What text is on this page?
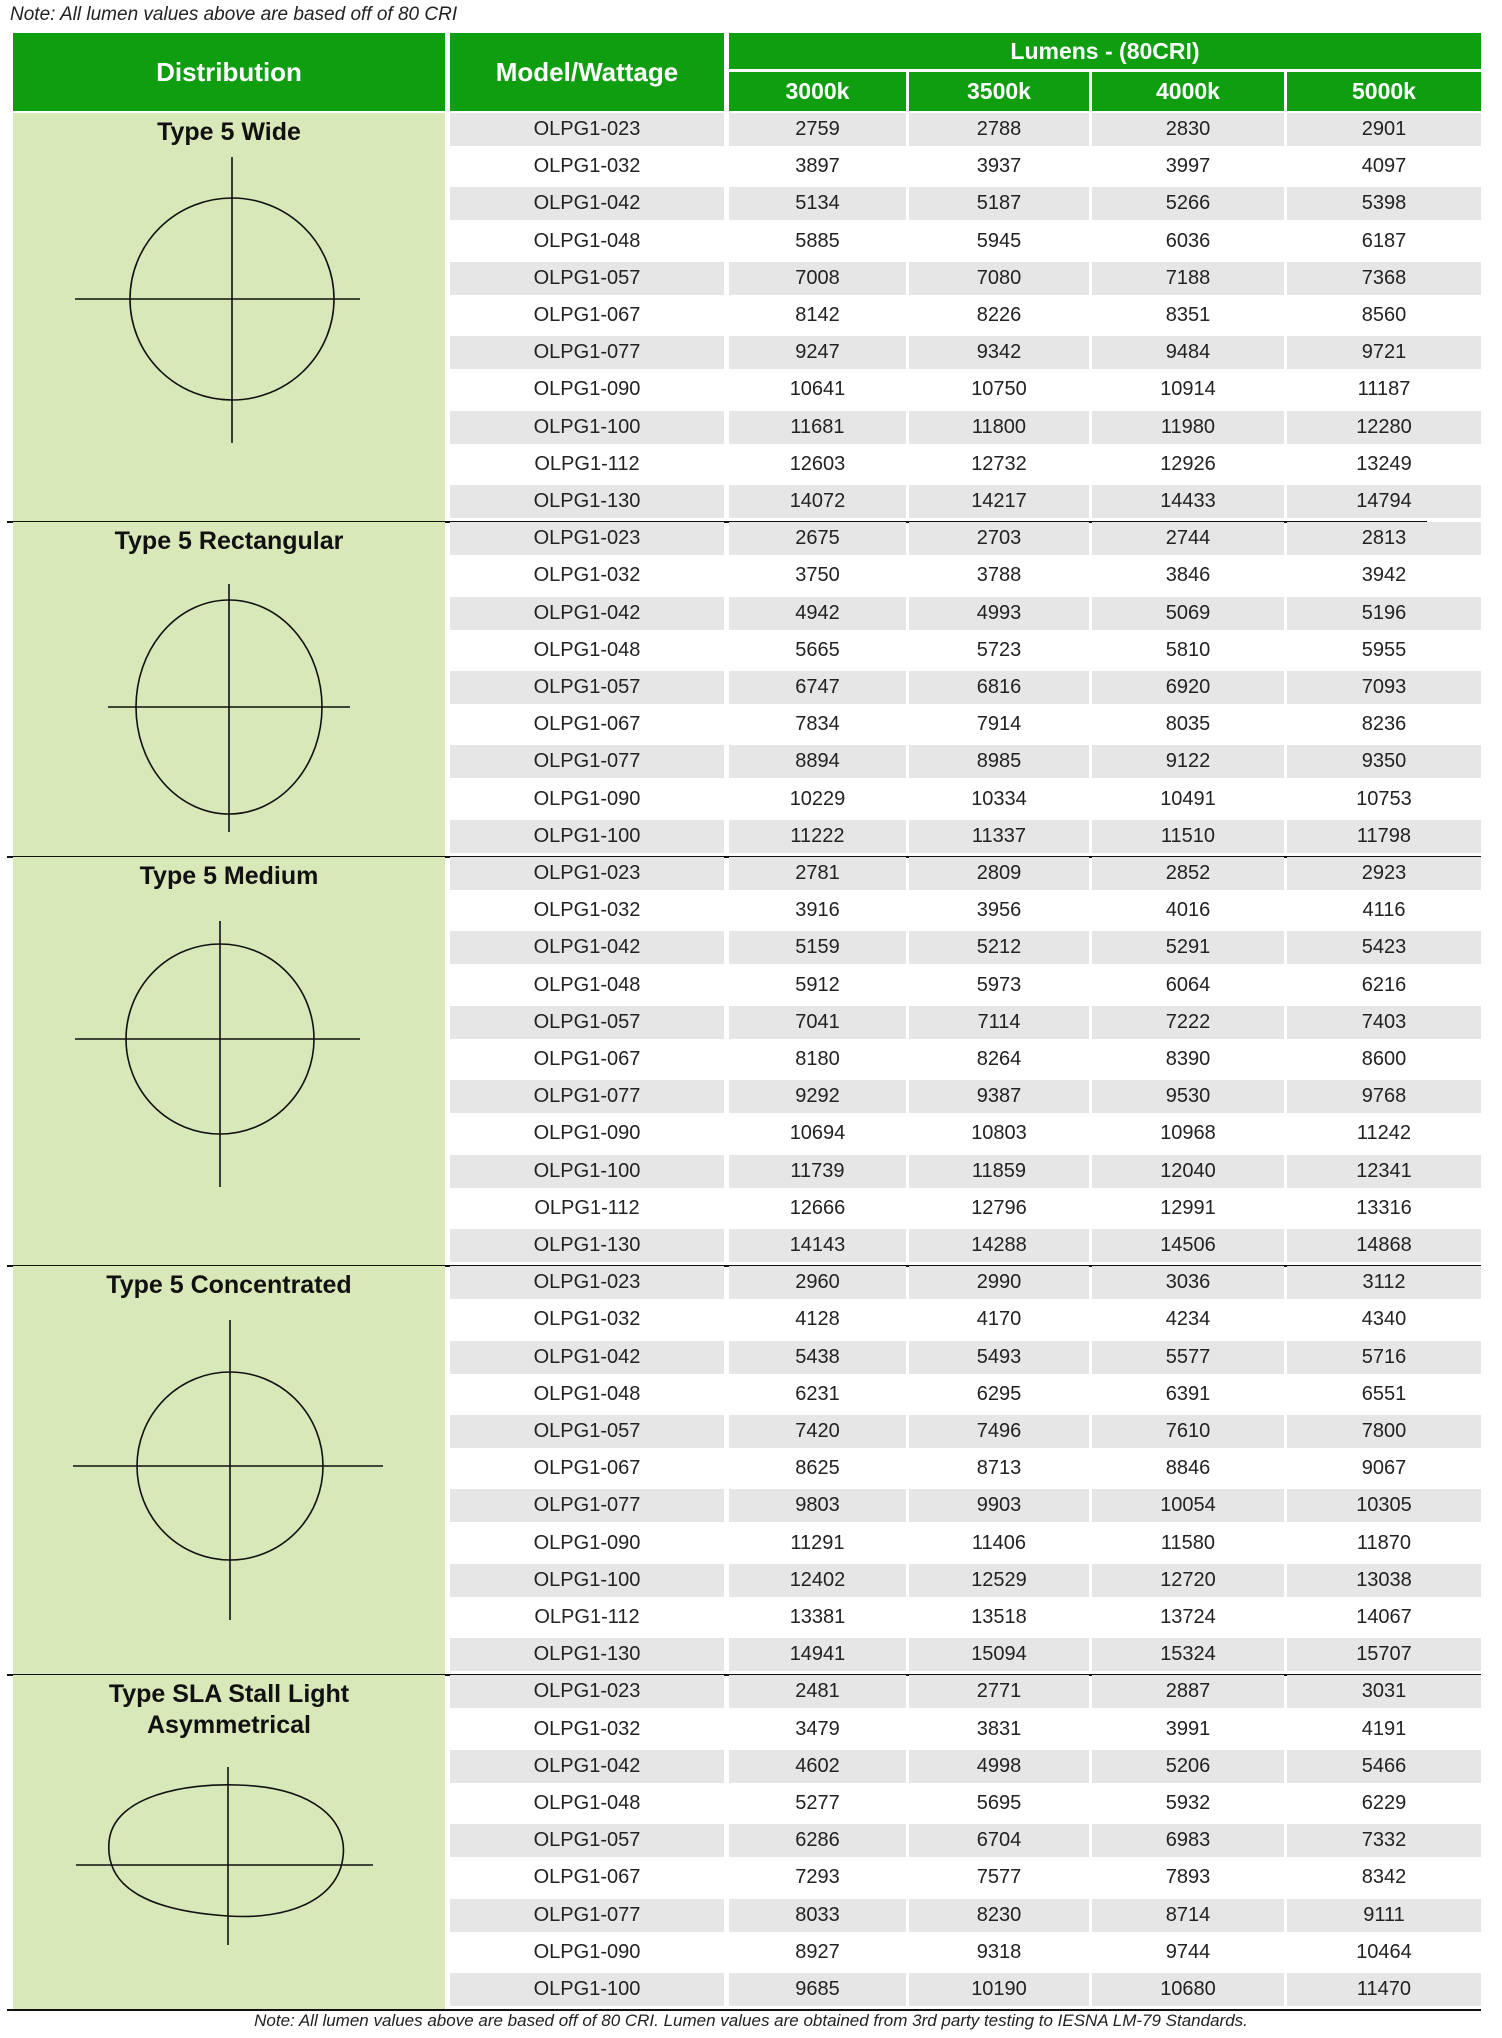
Note: All lumen values above are based off of 80 CRI
Distribution	Model/Wattage
Lumens - (80CRI)
3000k	3500k	4000k	5000k
Type 5 Wide	OLPG1-023	2759	2788	2830	2901
OLPG1-032	3897	3937	3997	4097
OLPG1-042	5134	5187	5266	5398
OLPG1-048	5885	5945	6036	6187
OLPG1-057	7008	7080	7188	7368
OLPG1-067	8142	8226	8351	8560
OLPG1-077	9247	9342	9484	9721
OLPG1-090	10641	10750	10914	11187
OLPG1-100	11681	11800	11980	12280
OLPG1-112	12603	12732	12926	13249
OLPG1-130	14072	14217	14433	14794
Type 5 Rectangular	OLPG1-023	2675	2703	2744	2813
OLPG1-032	3750	3788	3846	3942
OLPG1-042	4942	4993	5069	5196
OLPG1-048	5665	5723	5810	5955
OLPG1-057	6747	6816	6920	7093
OLPG1-067	7834	7914	8035	8236
OLPG1-077	8894	8985	9122	9350
OLPG1-090	10229	10334	10491	10753
OLPG1-100	11222	11337	11510	11798
Type 5 Medium	OLPG1-023	2781	2809	2852	2923
OLPG1-032	3916	3956	4016	4116
OLPG1-042	5159	5212	5291	5423
OLPG1-048	5912	5973	6064	6216
OLPG1-057	7041	7114	7222	7403
OLPG1-067	8180	8264	8390	8600
OLPG1-077	9292	9387	9530	9768
OLPG1-090	10694	10803	10968	11242
OLPG1-100	11739	11859	12040	12341
OLPG1-112	12666	12796	12991	13316
OLPG1-130	14143	14288	14506	14868
Type 5 Concentrated	OLPG1-023	2960	2990	3036	3112
OLPG1-032	4128	4170	4234	4340
OLPG1-042	5438	5493	5577	5716
OLPG1-048	6231	6295	6391	6551
OLPG1-057	7420	7496	7610	7800
OLPG1-067	8625	8713	8846	9067
OLPG1-077	9803	9903	10054	10305
OLPG1-090	11291	11406	11580	11870
OLPG1-100	12402	12529	12720	13038
OLPG1-112	13381	13518	13724	14067
OLPG1-130	14941	15094	15324	15707
Type SLA Stall Light Asymmetrical
OLPG1-023	2481	2771	2887	3031
OLPG1-032	3479	3831	3991	4191
OLPG1-042	4602	4998	5206	5466
OLPG1-048	5277	5695	5932	6229
OLPG1-057	6286	6704	6983	7332
OLPG1-067	7293	7577	7893	8342
OLPG1-077	8033	8230	8714	9111
OLPG1-090	8927	9318	9744	10464
OLPG1-100	9685	10190	10680	11470
Note: All lumen values above are based off of 80 CRI. Lumen values are obtained from 3rd party testing to IESNA LM-79 Standards.
